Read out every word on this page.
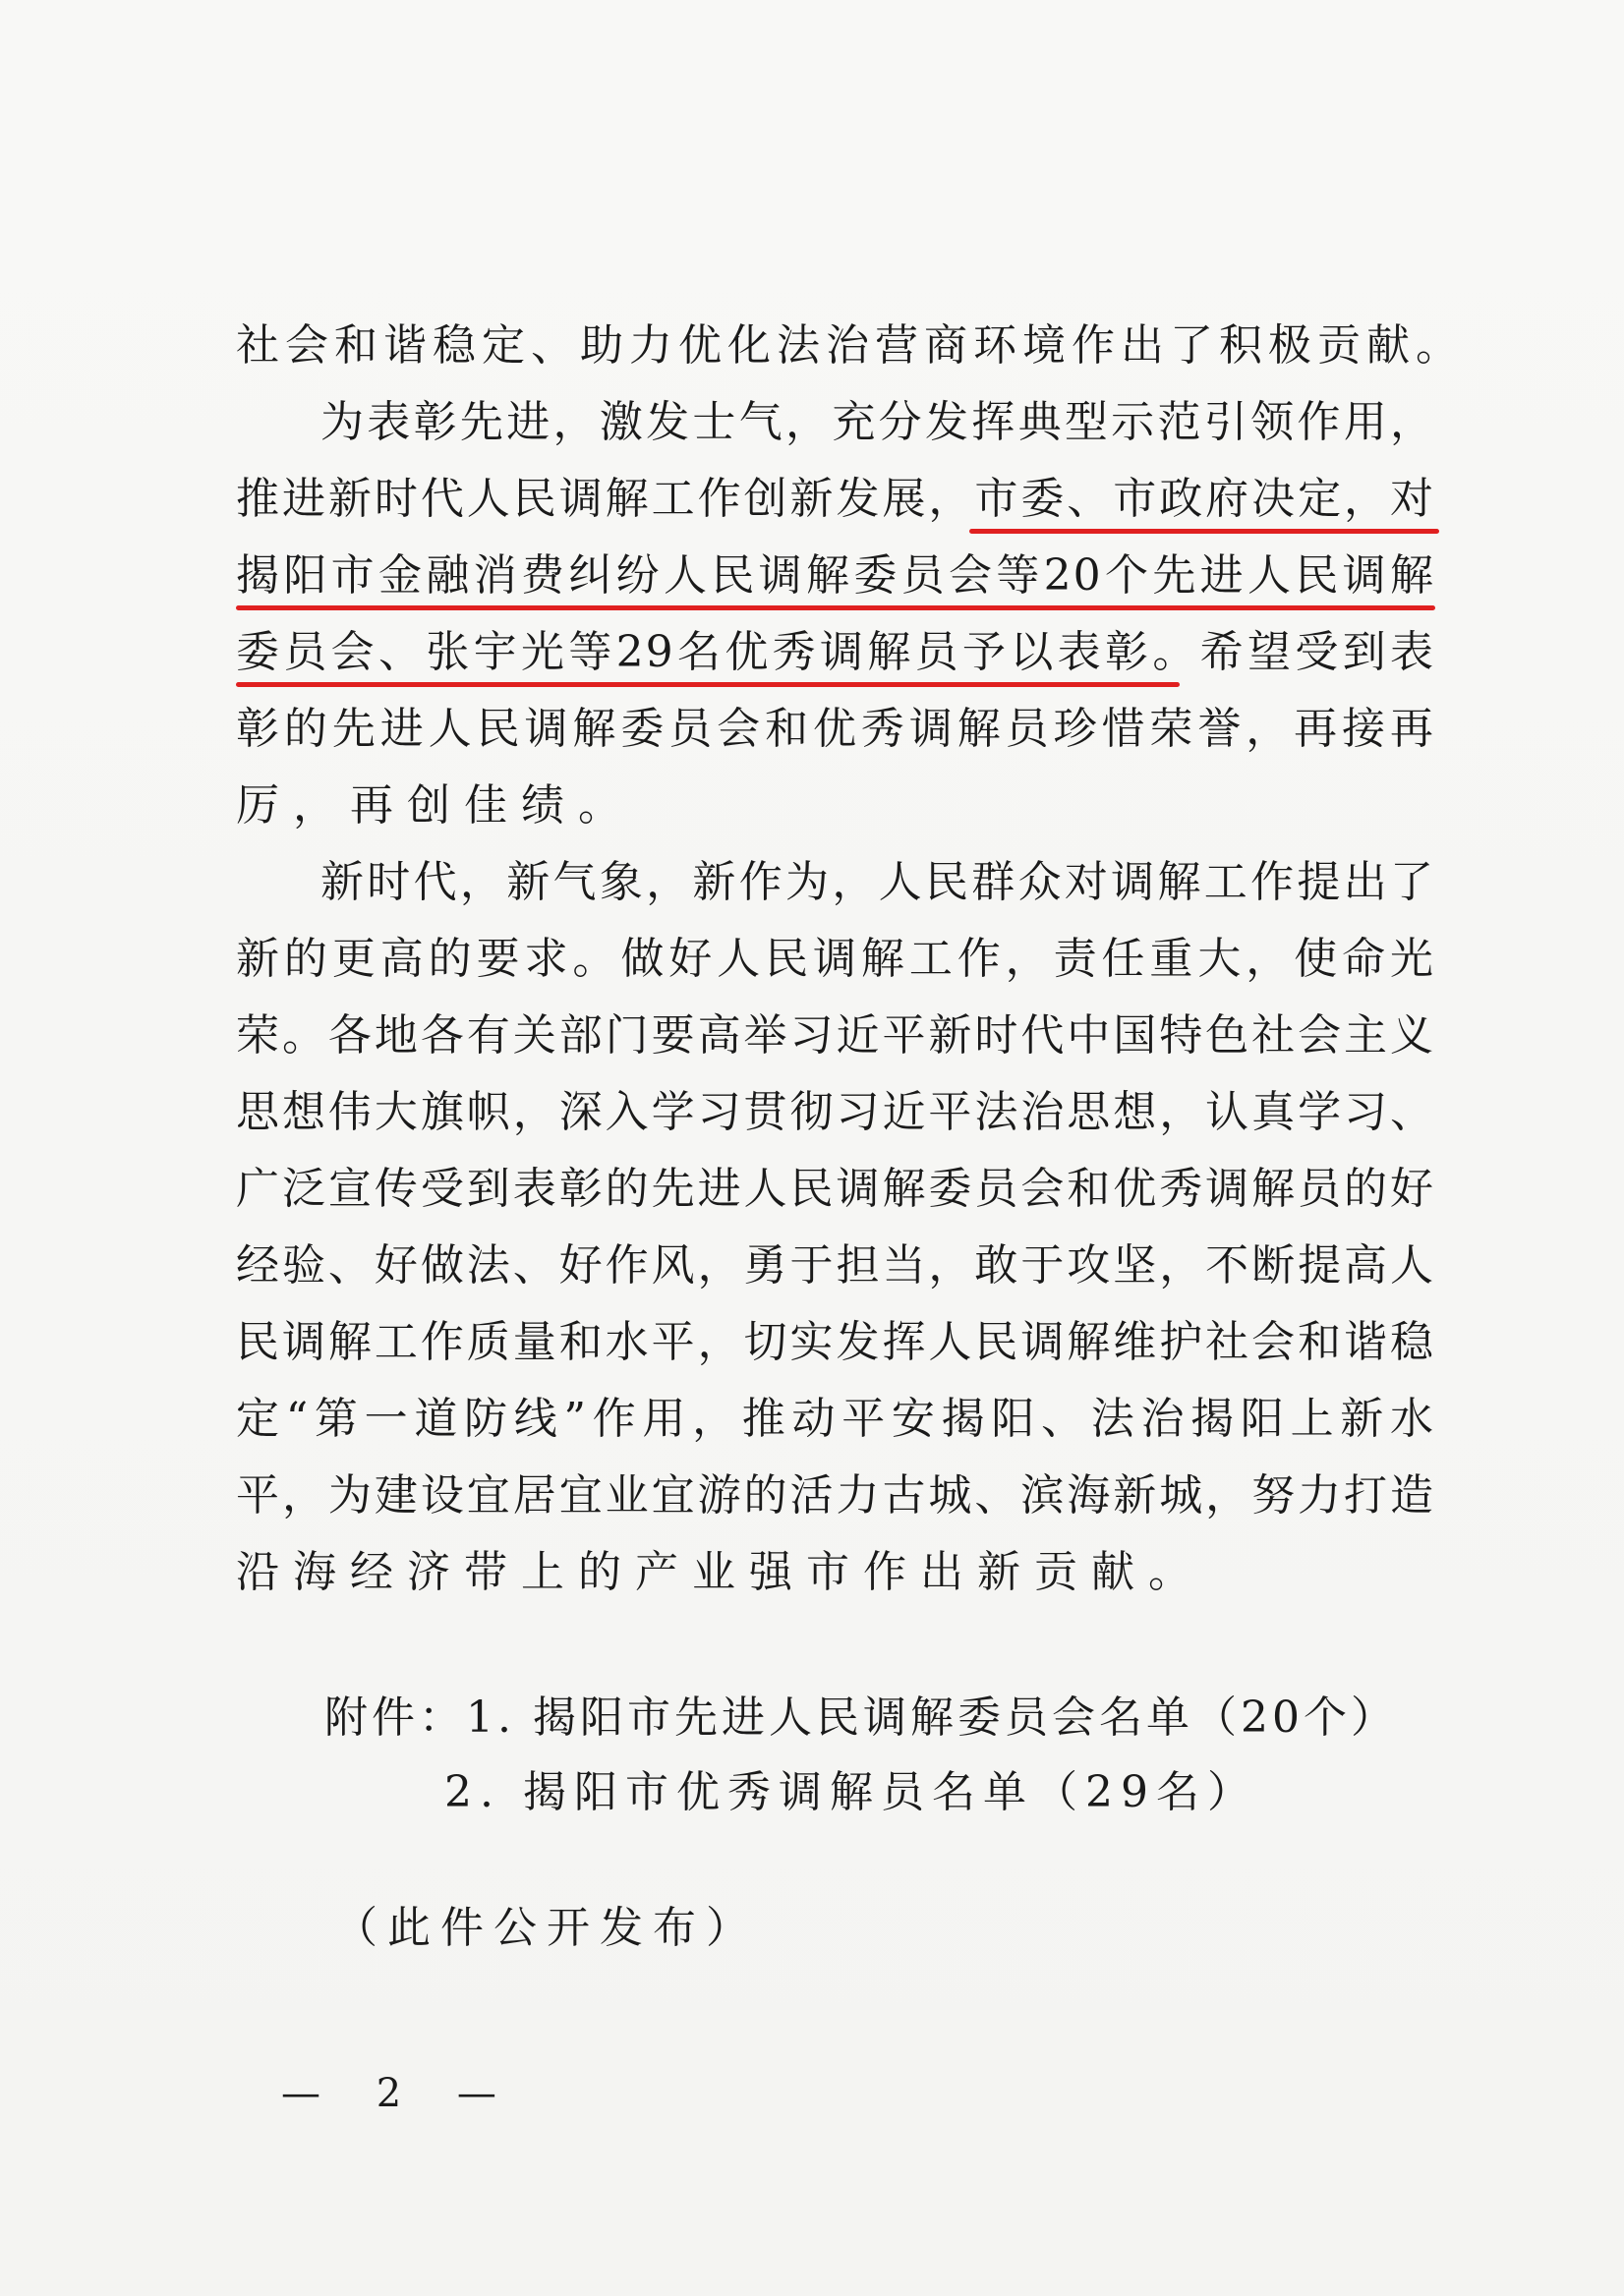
社会和谐稳定、助力优化法治营商环境作出了积极贡献。
为表彰先进，激发士气，充分发挥典型示范引领作用，
推进新时代人民调解工作创新发展，市委、市政府决定，对
揭阳市金融消费纠纷人民调解委员会等20个先进人民调解
委员会、张宇光等29名优秀调解员予以表彰。希望受到表
彰的先进人民调解委员会和优秀调解员珍惜荣誉，再接再
厉，再创佳绩。
新时代，新气象，新作为，人民群众对调解工作提出了
新的更高的要求。做好人民调解工作，责任重大，使命光
荣。各地各有关部门要高举习近平新时代中国特色社会主义
思想伟大旗帜，深入学习贯彻习近平法治思想，认真学习、
广泛宣传受到表彰的先进人民调解委员会和优秀调解员的好
经验、好做法、好作风，勇于担当，敢于攻坚，不断提高人
民调解工作质量和水平，切实发挥人民调解维护社会和谐稳
定“第一道防线”作用，推动平安揭阳、法治揭阳上新水
平，为建设宜居宜业宜游的活力古城、滨海新城，努力打造
沿海经济带上的产业强市作出新贡献。
附件：1. 揭阳市先进人民调解委员会名单（20个）
2. 揭阳市优秀调解员名单（29名）
（此件公开发布）
— 2 —
